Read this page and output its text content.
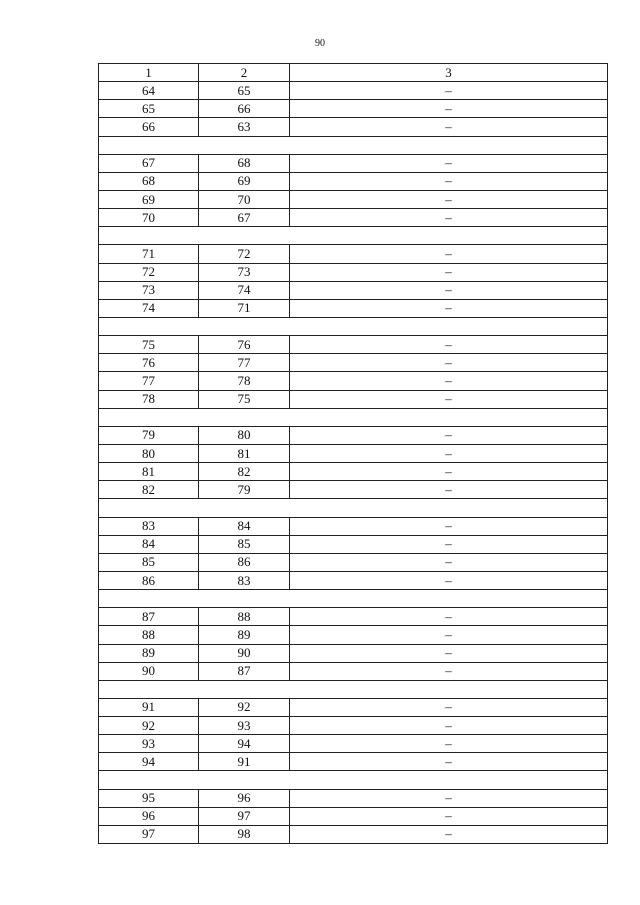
90
1	2	3
64	65	–
65	66	–
66	63	–

67	68	–
68	69	–
69	70	–
70	67	–

71	72	–
72	73	–
73	74	–
74	71	–

75	76	–
76	77	–
77	78	–
78	75	–

79	80	–
80	81	–
81	82	–
82	79	–

83	84	–
84	85	–
85	86	–
86	83	–

87	88	–
88	89	–
89	90	–
90	87	–

91	92	–
92	93	–
93	94	–
94	91	–

95	96	–
96	97	–
97	98	–
